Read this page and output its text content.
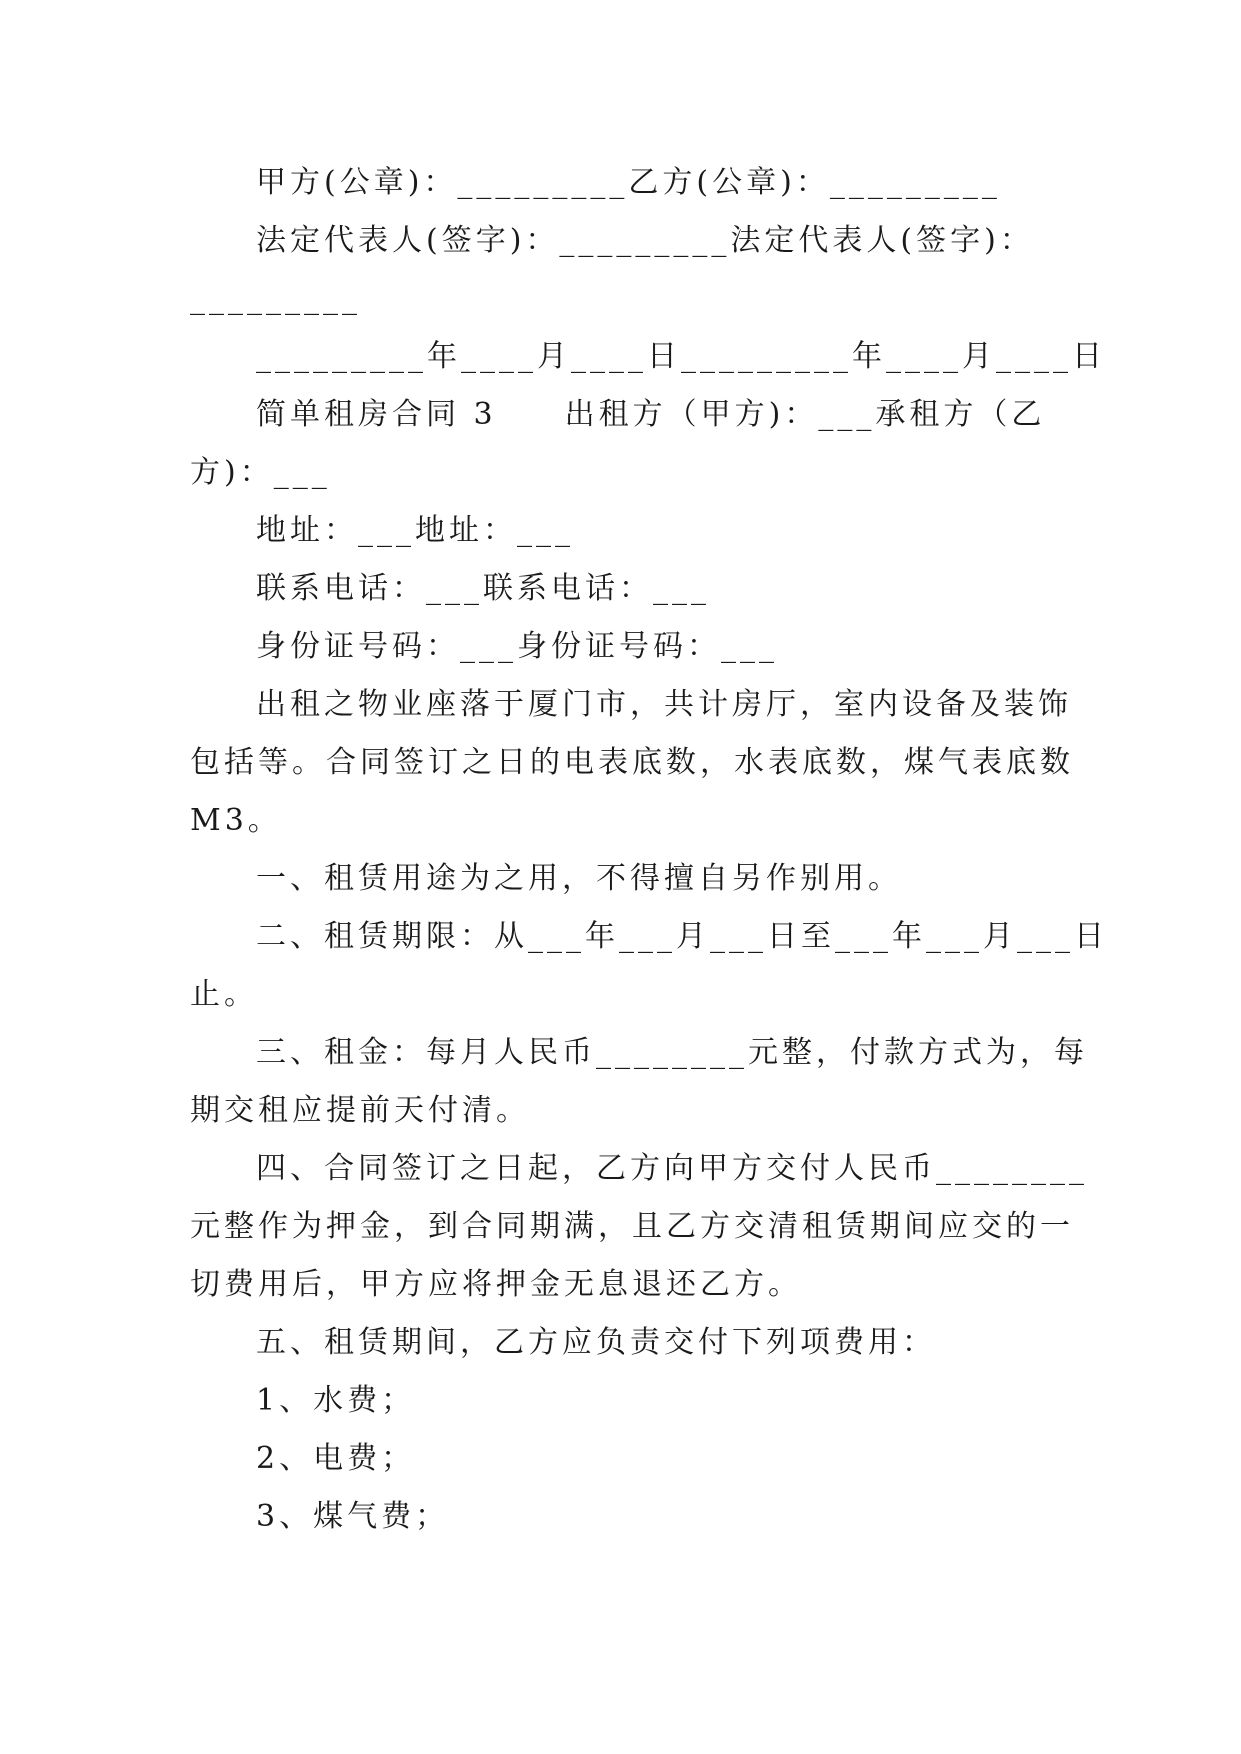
甲方(公章)：_________乙方(公章)：_________

法定代表人(签字)：_________法定代表人(签字)：

_________

_________年____月____日_________年____月____日

简单租房合同 3　　出租方（甲方)：___承租方（乙

方)：___

地址：___地址：___

联系电话：___联系电话：___

身份证号码：___身份证号码：___

出租之物业座落于厦门市，共计房厅，室内设备及装饰

包括等。合同签订之日的电表底数，水表底数，煤气表底数

M3。

一、租赁用途为之用，不得擅自另作别用。

二、租赁期限：从___年___月___日至___年___月___日

止。

三、租金：每月人民币________元整，付款方式为，每

期交租应提前天付清。

四、合同签订之日起，乙方向甲方交付人民币________

元整作为押金，到合同期满，且乙方交清租赁期间应交的一

切费用后，甲方应将押金无息退还乙方。

五、租赁期间，乙方应负责交付下列项费用：

1、水费；

2、电费；

3、煤气费；
